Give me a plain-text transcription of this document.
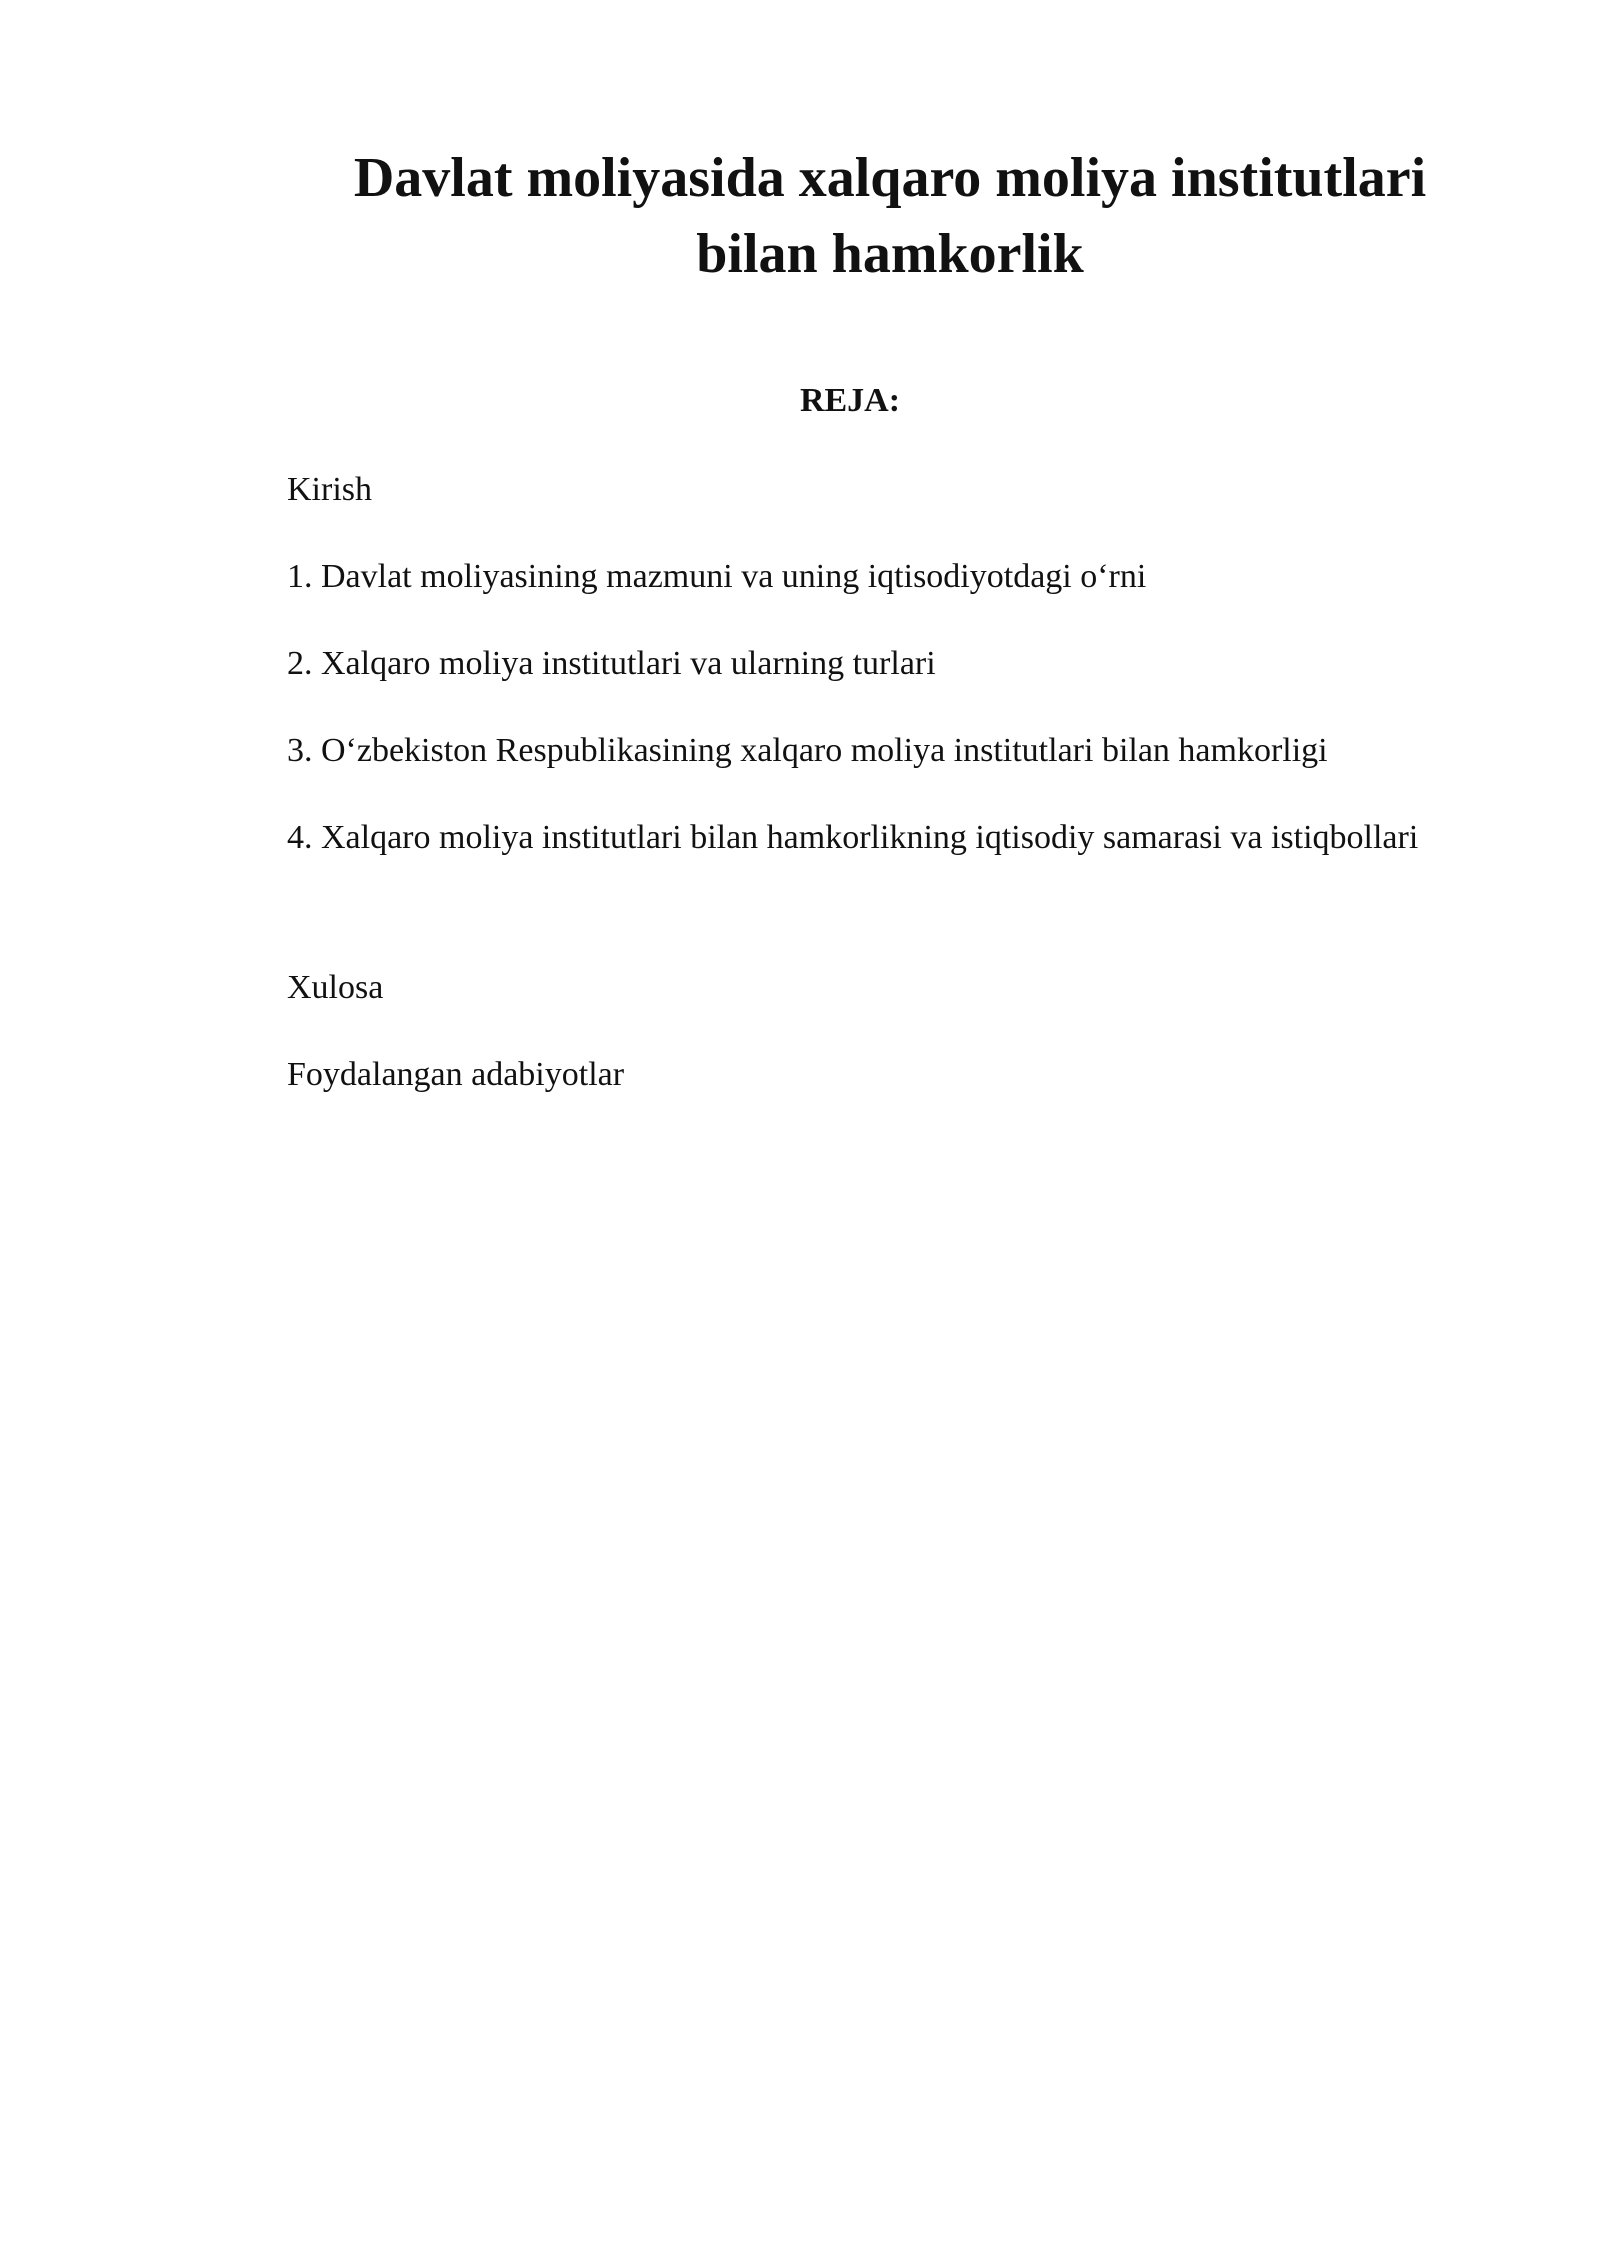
Davlat moliyasida xalqaro moliya institutlari
bilan hamkorlik
REJA:
Kirish
1. Davlat moliyasining mazmuni va uning iqtisodiyotdagi o‘rni
2. Xalqaro moliya institutlari va ularning turlari
3. O‘zbekiston Respublikasining xalqaro moliya institutlari bilan hamkorligi
4. Xalqaro moliya institutlari bilan hamkorlikning iqtisodiy samarasi va istiqbollari
Xulosa
Foydalangan adabiyotlar
